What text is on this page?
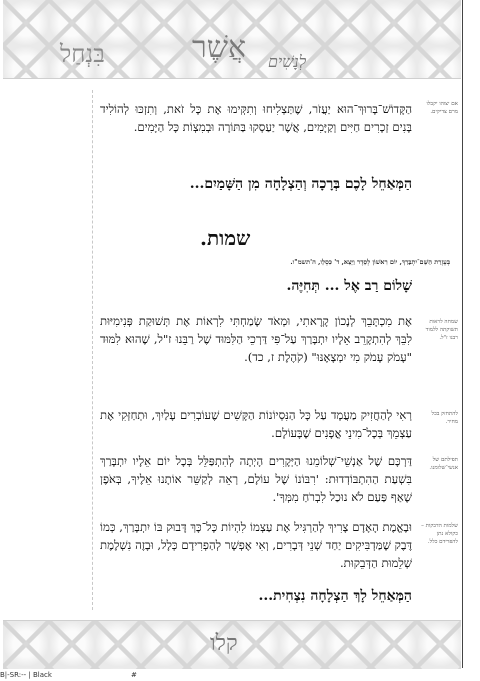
בִּנְחַל	אֲשֶׁר לְנָשִׁים
אם יצוהו יקבלו מרם צדיקים.
שמחה לראות תשוקתה ללמוד רבנו ז"ל.
להתחזק בכל מחיר.
תפילתם של אנשי־שלומנו.
שלמות הדבקות – כקולא נתן להפרידם כלל.
הַקָּדוֹשׁ־בָּרוּךְ־הוּא יַעֲזֹר, שֶׁתַּצְלִיחוּ וְתִקְּימוּ אֶת כָּל זֹאת, וְתִזְכּוּ לְהוֹלִיד בָּנִים זְכָרִים חַיִּים וְקַיָּמִים, אֲשֶׁר יַעַסְקוּ בַּתּוֹרָה וּבְמִצְוֹת כָּל הַיָּמִים.
הַמְּאַחֵל לָכֶם בְּרָכָה וְהַצְלָחָה מִן הַשָּׁמַיִם...
שמות.
בְּעֶזְרַת הַשֵּׁם־יִתְבָּרַךְ, יוֹם רִאשׁוֹן לְסֵדֶר וַיֵּצֵא, ד' כִּסְלֵו, ה'תשמ"ו.
שָׁלוֹם רַב אֶל ... תְּחִיֶּה.
אֶת מִכְתָּבֵךְ לְנָכוֹן קָרָאתִי, וּמְאֹד שָׂמַחְתִּי לִרְאוֹת אֶת תְּשׁוּקַת פְּנִימִיּוּת לִבֵּךְ לְהִתְקָרֵב אֵלָיו יִתְבָּרַךְ עַל־פִּי דַּרְכֵי הַלִּמּוּד שֶׁל רַבֵּנוּ ז"ל, שֶׁהוּא לִמּוּד "עָמֹק עָמֹק מִי יִמְצָאֶנּוּ" (קֹהֶלֶת ז, כד).
רְאִי לְהַחֲזִיק מַעֲמָד עַל כָּל הַנִּסְיוֹנוֹת הַקָּשִׁים שֶׁעוֹבְרִים עָלַיִךְ, וּתְחַזְּקִי אֶת עַצְמֵךְ בְּכָל־מִינֵי אֳפָנִים שֶׁבָּעוֹלָם.
דַּרְכָּם שֶׁל אַנְשֵׁי־שְׁלוֹמֵנוּ הַיְּקָרִים הָיְתָה לְהִתְפַּלֵּל בְּכָל יוֹם אֵלָיו יִתְבָּרַךְ בִּשְׁעַת הַהִתְבּוֹדְדוּת: 'רִבּוֹנוֹ שֶׁל עוֹלָם, רְאֵה לְקַשֵּׁר אוֹתָנוּ אֵלֶיךָ, בְּאֹפֶן שֶׁאַף פַּעַם לֹא נוּכַל לִבְרֹחַ מִמְּךָ'.
וּבֶאֱמֶת הָאָדָם צָרִיךְ לְהַרְגִּיל אֶת עַצְמוֹ לִהְיוֹת כָּל־כָּךְ דָּבוּק בּוֹ יִתְבָּרַךְ, כְּמוֹ דֶּבֶק שֶׁמַּדְבִּיקִים יַחַד שְׁנֵי דְּבָרִים, וְאִי אֶפְשָׁר לְהַפְרִידָם כְּלָל, וּבָזֶה נִשְׁלֶמֶת שְׁלֵמוּת הַדְּבֵקוּת.
הַמְּאַחֵל לָךְ הַצְלָחָה נִצְחִית...
קלו
B|-SR:-- | Black	#
